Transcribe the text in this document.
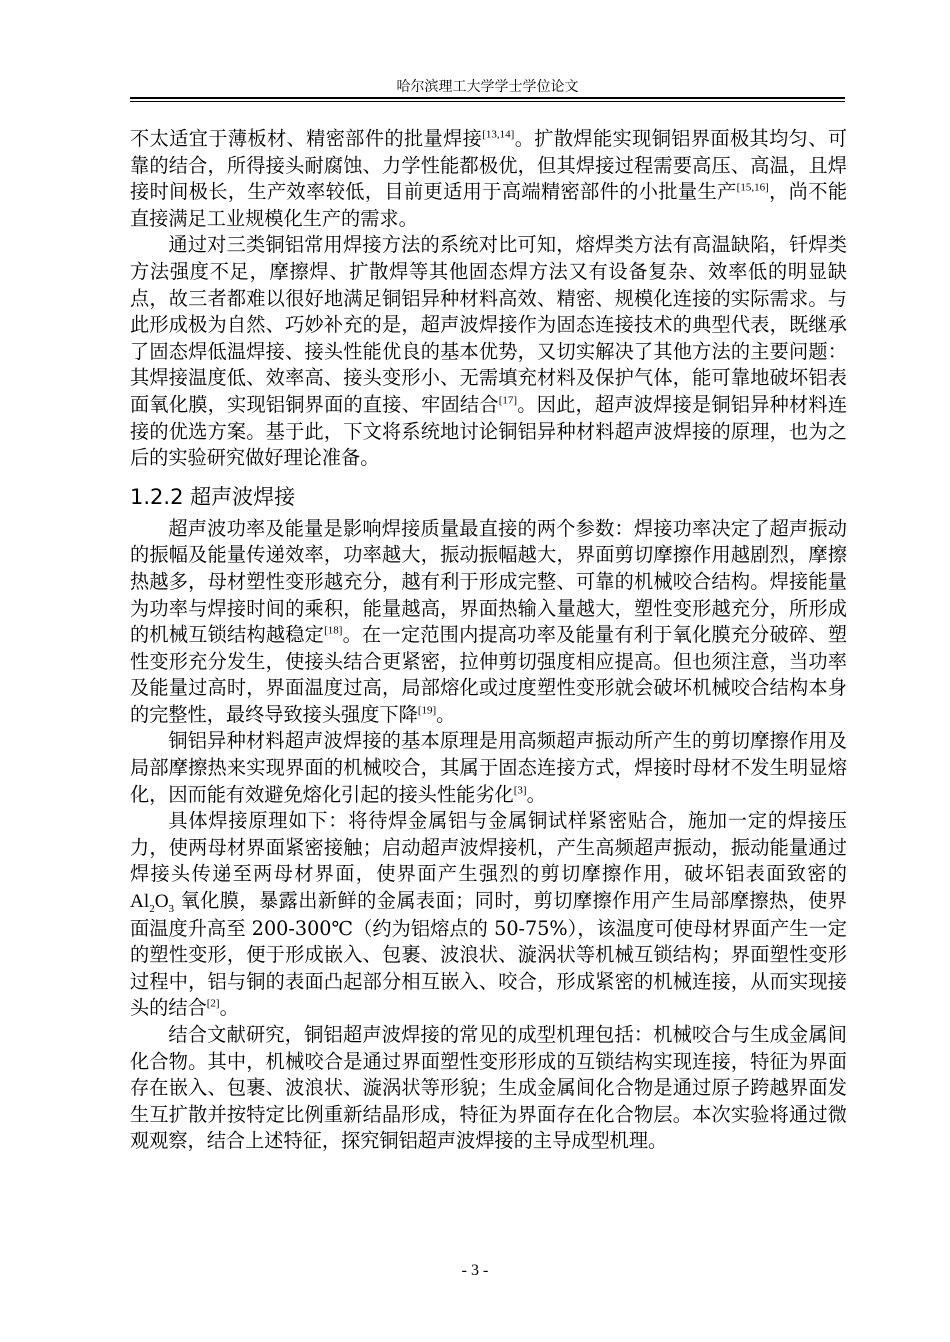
哈尔滨理工大学学士学位论文

不太适宜于薄板材、精密部件的批量焊接[13,14]。扩散焊能实现铜铝界面极其均匀、可靠的结合，所得接头耐腐蚀、力学性能都极优，但其焊接过程需要高压、高温，且焊接时间极长，生产效率较低，目前更适用于高端精密部件的小批量生产[15,16]，尚不能直接满足工业规模化生产的需求。

通过对三类铜铝常用焊接方法的系统对比可知，熔焊类方法有高温缺陷，钎焊类方法强度不足，摩擦焊、扩散焊等其他固态焊方法又有设备复杂、效率低的明显缺点，故三者都难以很好地满足铜铝异种材料高效、精密、规模化连接的实际需求。与此形成极为自然、巧妙补充的是，超声波焊接作为固态连接技术的典型代表，既继承了固态焊低温焊接、接头性能优良的基本优势，又切实解决了其他方法的主要问题：其焊接温度低、效率高、接头变形小、无需填充材料及保护气体，能可靠地破坏铝表面氧化膜，实现铝铜界面的直接、牢固结合[17]。因此，超声波焊接是铜铝异种材料连接的优选方案。基于此，下文将系统地讨论铜铝异种材料超声波焊接的原理，也为之后的实验研究做好理论准备。

1.2.2 超声波焊接

超声波功率及能量是影响焊接质量最直接的两个参数：焊接功率决定了超声振动的振幅及能量传递效率，功率越大，振动振幅越大，界面剪切摩擦作用越剧烈，摩擦热越多，母材塑性变形越充分，越有利于形成完整、可靠的机械咬合结构。焊接能量为功率与焊接时间的乘积，能量越高，界面热输入量越大，塑性变形越充分，所形成的机械互锁结构越稳定[18]。在一定范围内提高功率及能量有利于氧化膜充分破碎、塑性变形充分发生，使接头结合更紧密，拉伸剪切强度相应提高。但也须注意，当功率及能量过高时，界面温度过高，局部熔化或过度塑性变形就会破坏机械咬合结构本身的完整性，最终导致接头强度下降[19]。

铜铝异种材料超声波焊接的基本原理是用高频超声振动所产生的剪切摩擦作用及局部摩擦热来实现界面的机械咬合，其属于固态连接方式，焊接时母材不发生明显熔化，因而能有效避免熔化引起的接头性能劣化[3]。

具体焊接原理如下：将待焊金属铝与金属铜试样紧密贴合，施加一定的焊接压力，使两母材界面紧密接触；启动超声波焊接机，产生高频超声振动，振动能量通过焊接头传递至两母材界面，使界面产生强烈的剪切摩擦作用，破坏铝表面致密的 $Al_2O_3$ 氧化膜，暴露出新鲜的金属表面；同时，剪切摩擦作用产生局部摩擦热，使界面温度升高至 200-300℃（约为铝熔点的 50-75%），该温度可使母材界面产生一定的塑性变形，便于形成嵌入、包裹、波浪状、漩涡状等机械互锁结构；界面塑性变形过程中，铝与铜的表面凸起部分相互嵌入、咬合，形成紧密的机械连接，从而实现接头的结合[2]。

结合文献研究，铜铝超声波焊接的常见的成型机理包括：机械咬合与生成金属间化合物。其中，机械咬合是通过界面塑性变形形成的互锁结构实现连接，特征为界面存在嵌入、包裹、波浪状、漩涡状等形貌；生成金属间化合物是通过原子跨越界面发生互扩散并按特定比例重新结晶形成，特征为界面存在化合物层。本次实验将通过微观观察，结合上述特征，探究铜铝超声波焊接的主导成型机理。

- 3 -
